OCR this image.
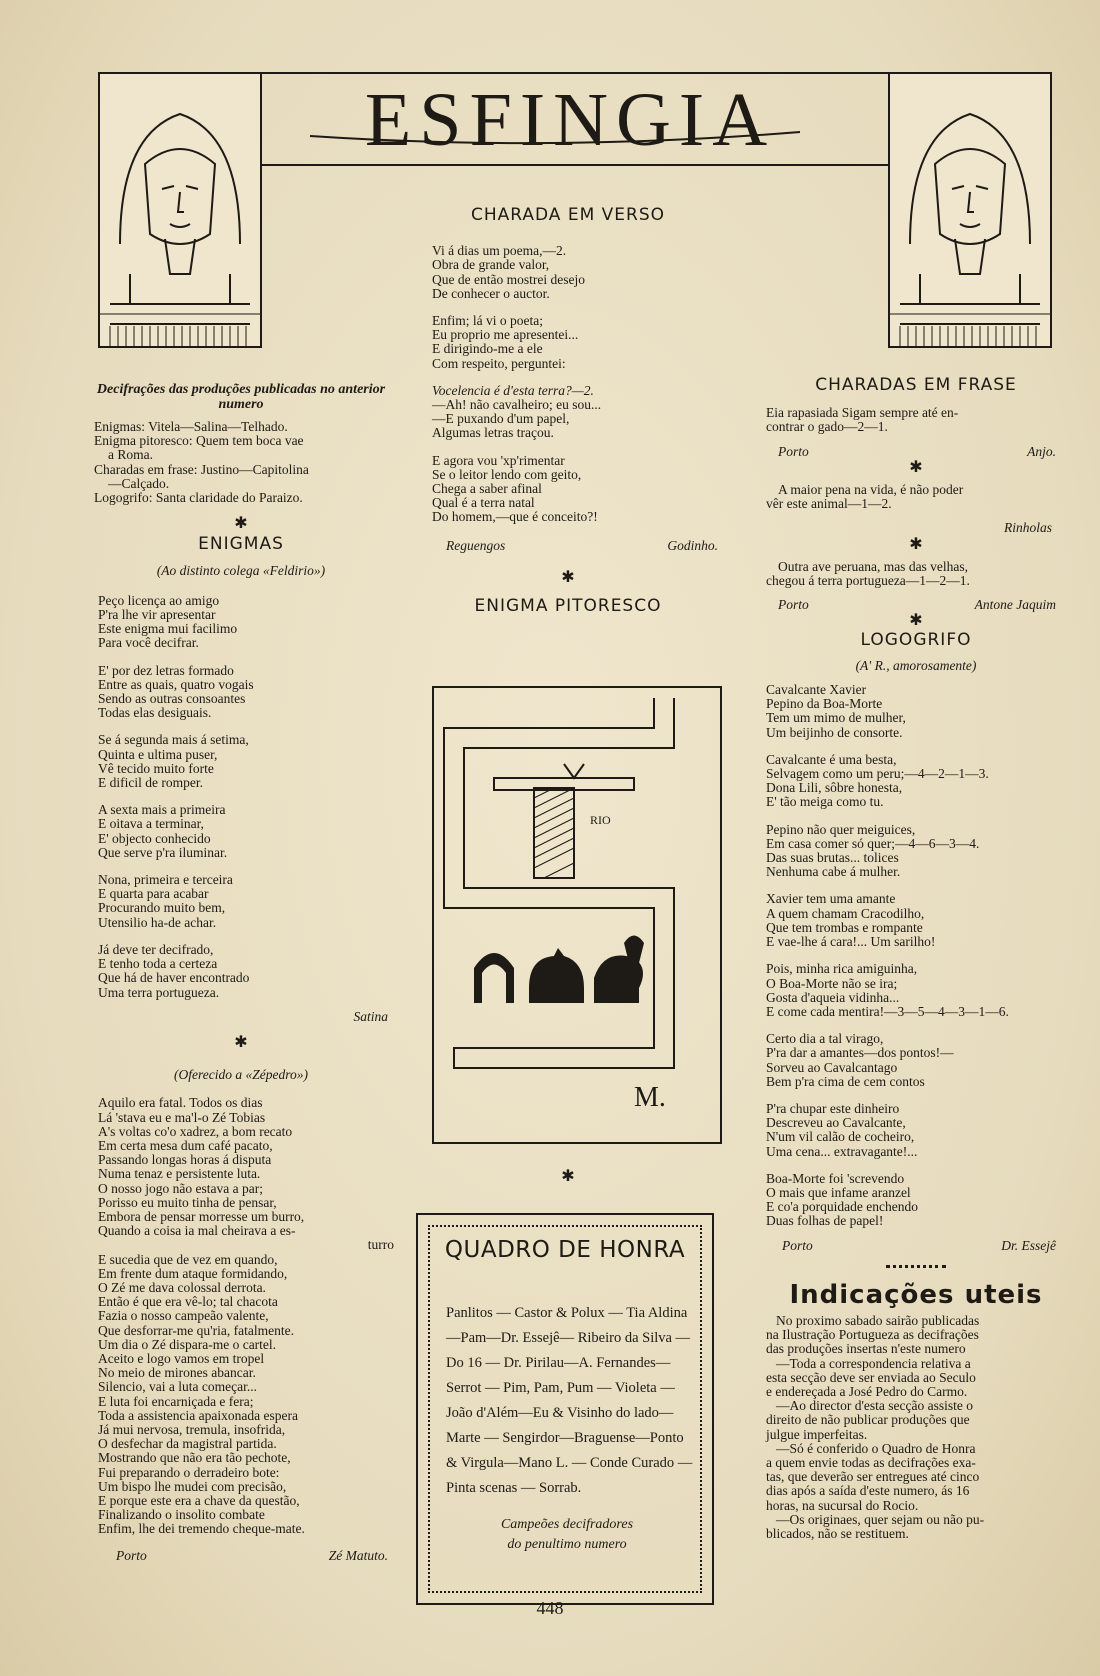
ESFINGIA
Decifrações das produções publicadas no anterior numero
Enigmas: Vitela—Salina—Telhado.
Enigma pitoresco: Quem tem boca vae
a Roma.
Charadas em frase: Justino—Capitolina
—Calçado.
Logogrifo: Santa claridade do Paraizo.
✱
ENIGMAS
(Ao distinto colega «Feldirio»)
Peço licença ao amigo
P'ra lhe vir apresentar
Este enigma mui facilimo
Para você decifrar.
E' por dez letras formado
Entre as quais, quatro vogais
Sendo as outras consoantes
Todas elas desiguais.
Se á segunda mais á setima,
Quinta e ultima puser,
Vê tecido muito forte
E dificil de romper.
A sexta mais a primeira
E oitava a terminar,
E' objecto conhecido
Que serve p'ra iluminar.
Nona, primeira e terceira
E quarta para acabar
Procurando muito bem,
Utensilio ha-de achar.
Já deve ter decifrado,
E tenho toda a certeza
Que há de haver encontrado
Uma terra portugueza.
Satina
✱
(Oferecido a «Zépedro»)
Aquilo era fatal. Todos os dias
Lá 'stava eu e ma'l-o Zé Tobias
A's voltas co'o xadrez, a bom recato
Em certa mesa dum café pacato,
Passando longas horas á disputa
Numa tenaz e persistente luta.
O nosso jogo não estava a par;
Porisso eu muito tinha de pensar,
Embora de pensar morresse um burro,
Quando a coisa ia mal cheirava a es-
turro
E sucedia que de vez em quando,
Em frente dum ataque formidando,
O Zé me dava colossal derrota.
Então é que era vê-lo; tal chacota
Fazia o nosso campeão valente,
Que desforrar-me qu'ria, fatalmente.
Um dia o Zé dispara-me o cartel.
Aceito e logo vamos em tropel
No meio de mirones abancar.
Silencio, vai a luta começar...
E luta foi encarniçada e fera;
Toda a assistencia apaixonada espera
Já mui nervosa, tremula, insofrida,
O desfechar da magistral partida.
Mostrando que não era tão pechote,
Fui preparando o derradeiro bote:
Um bispo lhe mudei com precisão,
E porque este era a chave da questão,
Finalizando o insolito combate
Enfim, lhe dei tremendo cheque-mate.
Porto	Zé Matuto.
CHARADA EM VERSO
Vi á dias um poema,—2.
Obra de grande valor,
Que de então mostrei desejo
De conhecer o auctor.
Enfim; lá vi o poeta;
Eu proprio me apresentei...
E dirigindo-me a ele
Com respeito, perguntei:
Vocelencia é d'esta terra?—2.
—Ah! não cavalheiro; eu sou...
—E puxando d'um papel,
Algumas letras traçou.
E agora vou 'xp'rimentar
Se o leitor lendo com geito,
Chega a saber afinal
Qual é a terra natal
Do homem,—que é conceito?!
Reguengos	Godinho.
✱
ENIGMA PITORESCO
RIO
M.
✱
QUADRO DE HONRA
Panlitos — Castor & Polux — Tia Aldina—Pam—Dr. Essejê— Ribeiro da Silva — Do 16 — Dr. Pirilau—A. Fernandes—Serrot — Pim, Pam, Pum — Violeta — João d'Além—Eu & Visinho do lado—Marte — Sengirdor—Braguense—Ponto & Virgula—Mano L. — Conde Curado — Pinta scenas — Sorrab.
Campeões decifradores
do penultimo numero
CHARADAS EM FRASE
Eia rapasiada Sigam sempre até en-
contrar o gado—2—1.
Porto	Anjo.
✱
A maior pena na vida, é não poder
vêr este animal—1—2.
Rinholas
✱
Outra ave peruana, mas das velhas,
chegou á terra portugueza—1—2—1.
Porto	Antone Jaquim
✱
LOGOGRIFO
(A' R., amorosamente)
Cavalcante Xavier
Pepino da Boa-Morte
Tem um mimo de mulher,
Um beijinho de consorte.
Cavalcante é uma besta,
Selvagem como um peru;—4—2—1—3.
Dona Lili, sôbre honesta,
E' tão meiga como tu.
Pepino não quer meiguices,
Em casa comer só quer;—4—6—3—4.
Das suas brutas... tolices
Nenhuma cabe á mulher.
Xavier tem uma amante
A quem chamam Cracodilho,
Que tem trombas e rompante
E vae-lhe á cara!... Um sarilho!
Pois, minha rica amiguinha,
O Boa-Morte não se ira;
Gosta d'aqueia vidinha...
E come cada mentira!—3—5—4—3—1—6.
Certo dia a tal virago,
P'ra dar a amantes—dos pontos!—
Sorveu ao Cavalcantago
Bem p'ra cima de cem contos
P'ra chupar este dinheiro
Descreveu ao Cavalcante,
N'um vil calão de cocheiro,
Uma cena... extravagante!...
Boa-Morte foi 'screvendo
O mais que infame aranzel
E co'a porquidade enchendo
Duas folhas de papel!
Porto	Dr. Essejê
Indicações uteis
No proximo sabado sairão publicadas
na Ilustração Portugueza as decifrações
das produções insertas n'este numero
—Toda a correspondencia relativa a
esta secção deve ser enviada ao Seculo
e endereçada a José Pedro do Carmo.
—Ao director d'esta secção assiste o
direito de não publicar produções que
julgue imperfeitas.
—Só é conferido o Quadro de Honra
a quem envie todas as decifrações exa-
tas, que deverão ser entregues até cinco
dias após a saída d'este numero, ás 16
horas, na sucursal do Rocio.
—Os originaes, quer sejam ou não pu-
blicados, não se restituem.
448
